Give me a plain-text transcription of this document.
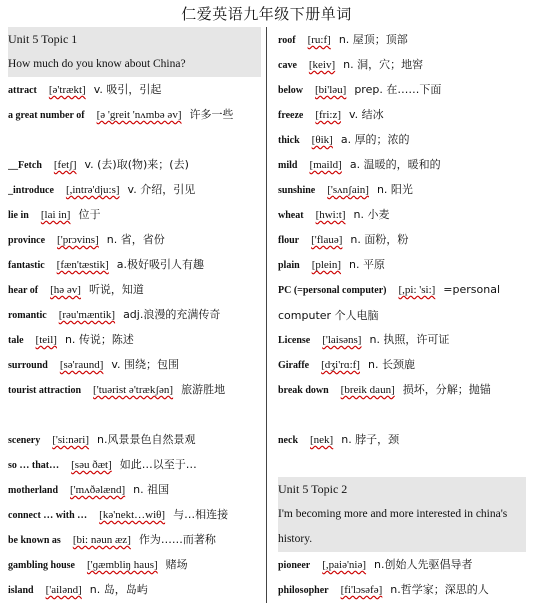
仁爱英语九年级下册单词
Unit 5 Topic 1
How much do you know about China?
attract [ə'trækt] v. 吸引，引起
a great number of [ə 'greit 'nʌmbə əv] 许多一些
__Fetch [fetʃ] v. (去)取(物)来；(去)
_introduce [,intrə'dju:s] v. 介绍，引见
lie in [lai in] 位于
province ['prɔvins] n. 省，省份
fantastic [fæn'tæstik] a.极好吸引人有趣
hear of [hə əv] 听说，知道
romantic [rəu'mæntik] adj.浪漫的充满传奇
tale [teil] n. 传说；陈述
surround [sə'raund] v. 围绕；包围
tourist attraction ['tuərist ə'trækʃən] 旅游胜地
scenery ['si:nəri] n.风景景色自然景观
so … that… [səu ðæt] 如此…以至于…
motherland ['mʌðəlænd] n. 祖国
connect … with … [kə'nekt…wiθ] 与…相连接
be known as [bi: nəun æz] 作为……而著称
gambling house ['ɡæmbliŋ haus] 赌场
island ['ailənd] n. 岛，岛屿
roof [ru:f] n. 屋顶；顶部
cave [keiv] n. 洞，穴；地窖
below [bi'ləu] prep. 在……下面
freeze [fri:z] v. 结冰
thick [θik] a. 厚的；浓的
mild [maild] a. 温暖的，暖和的
sunshine ['sʌnʃain] n. 阳光
wheat [hwi:t] n. 小麦
flour ['flauə] n. 面粉，粉
plain [plein] n. 平原
PC (=personal computer) [,pi: 'si:] =personal computer 个人电脑
License ['laisəns] n. 执照，许可证
Giraffe [dʒi'rɑ:f] n. 长颈鹿
break down [breik daun] 损坏，分解；抛锚
neck [nek] n. 脖子，颈
Unit 5 Topic 2
I'm becoming more and more interested in china's history.
pioneer [,paiə'niə] n.创始人先驱倡导者
philosopher [fi'lɔsəfə] n.哲学家；深思的人
